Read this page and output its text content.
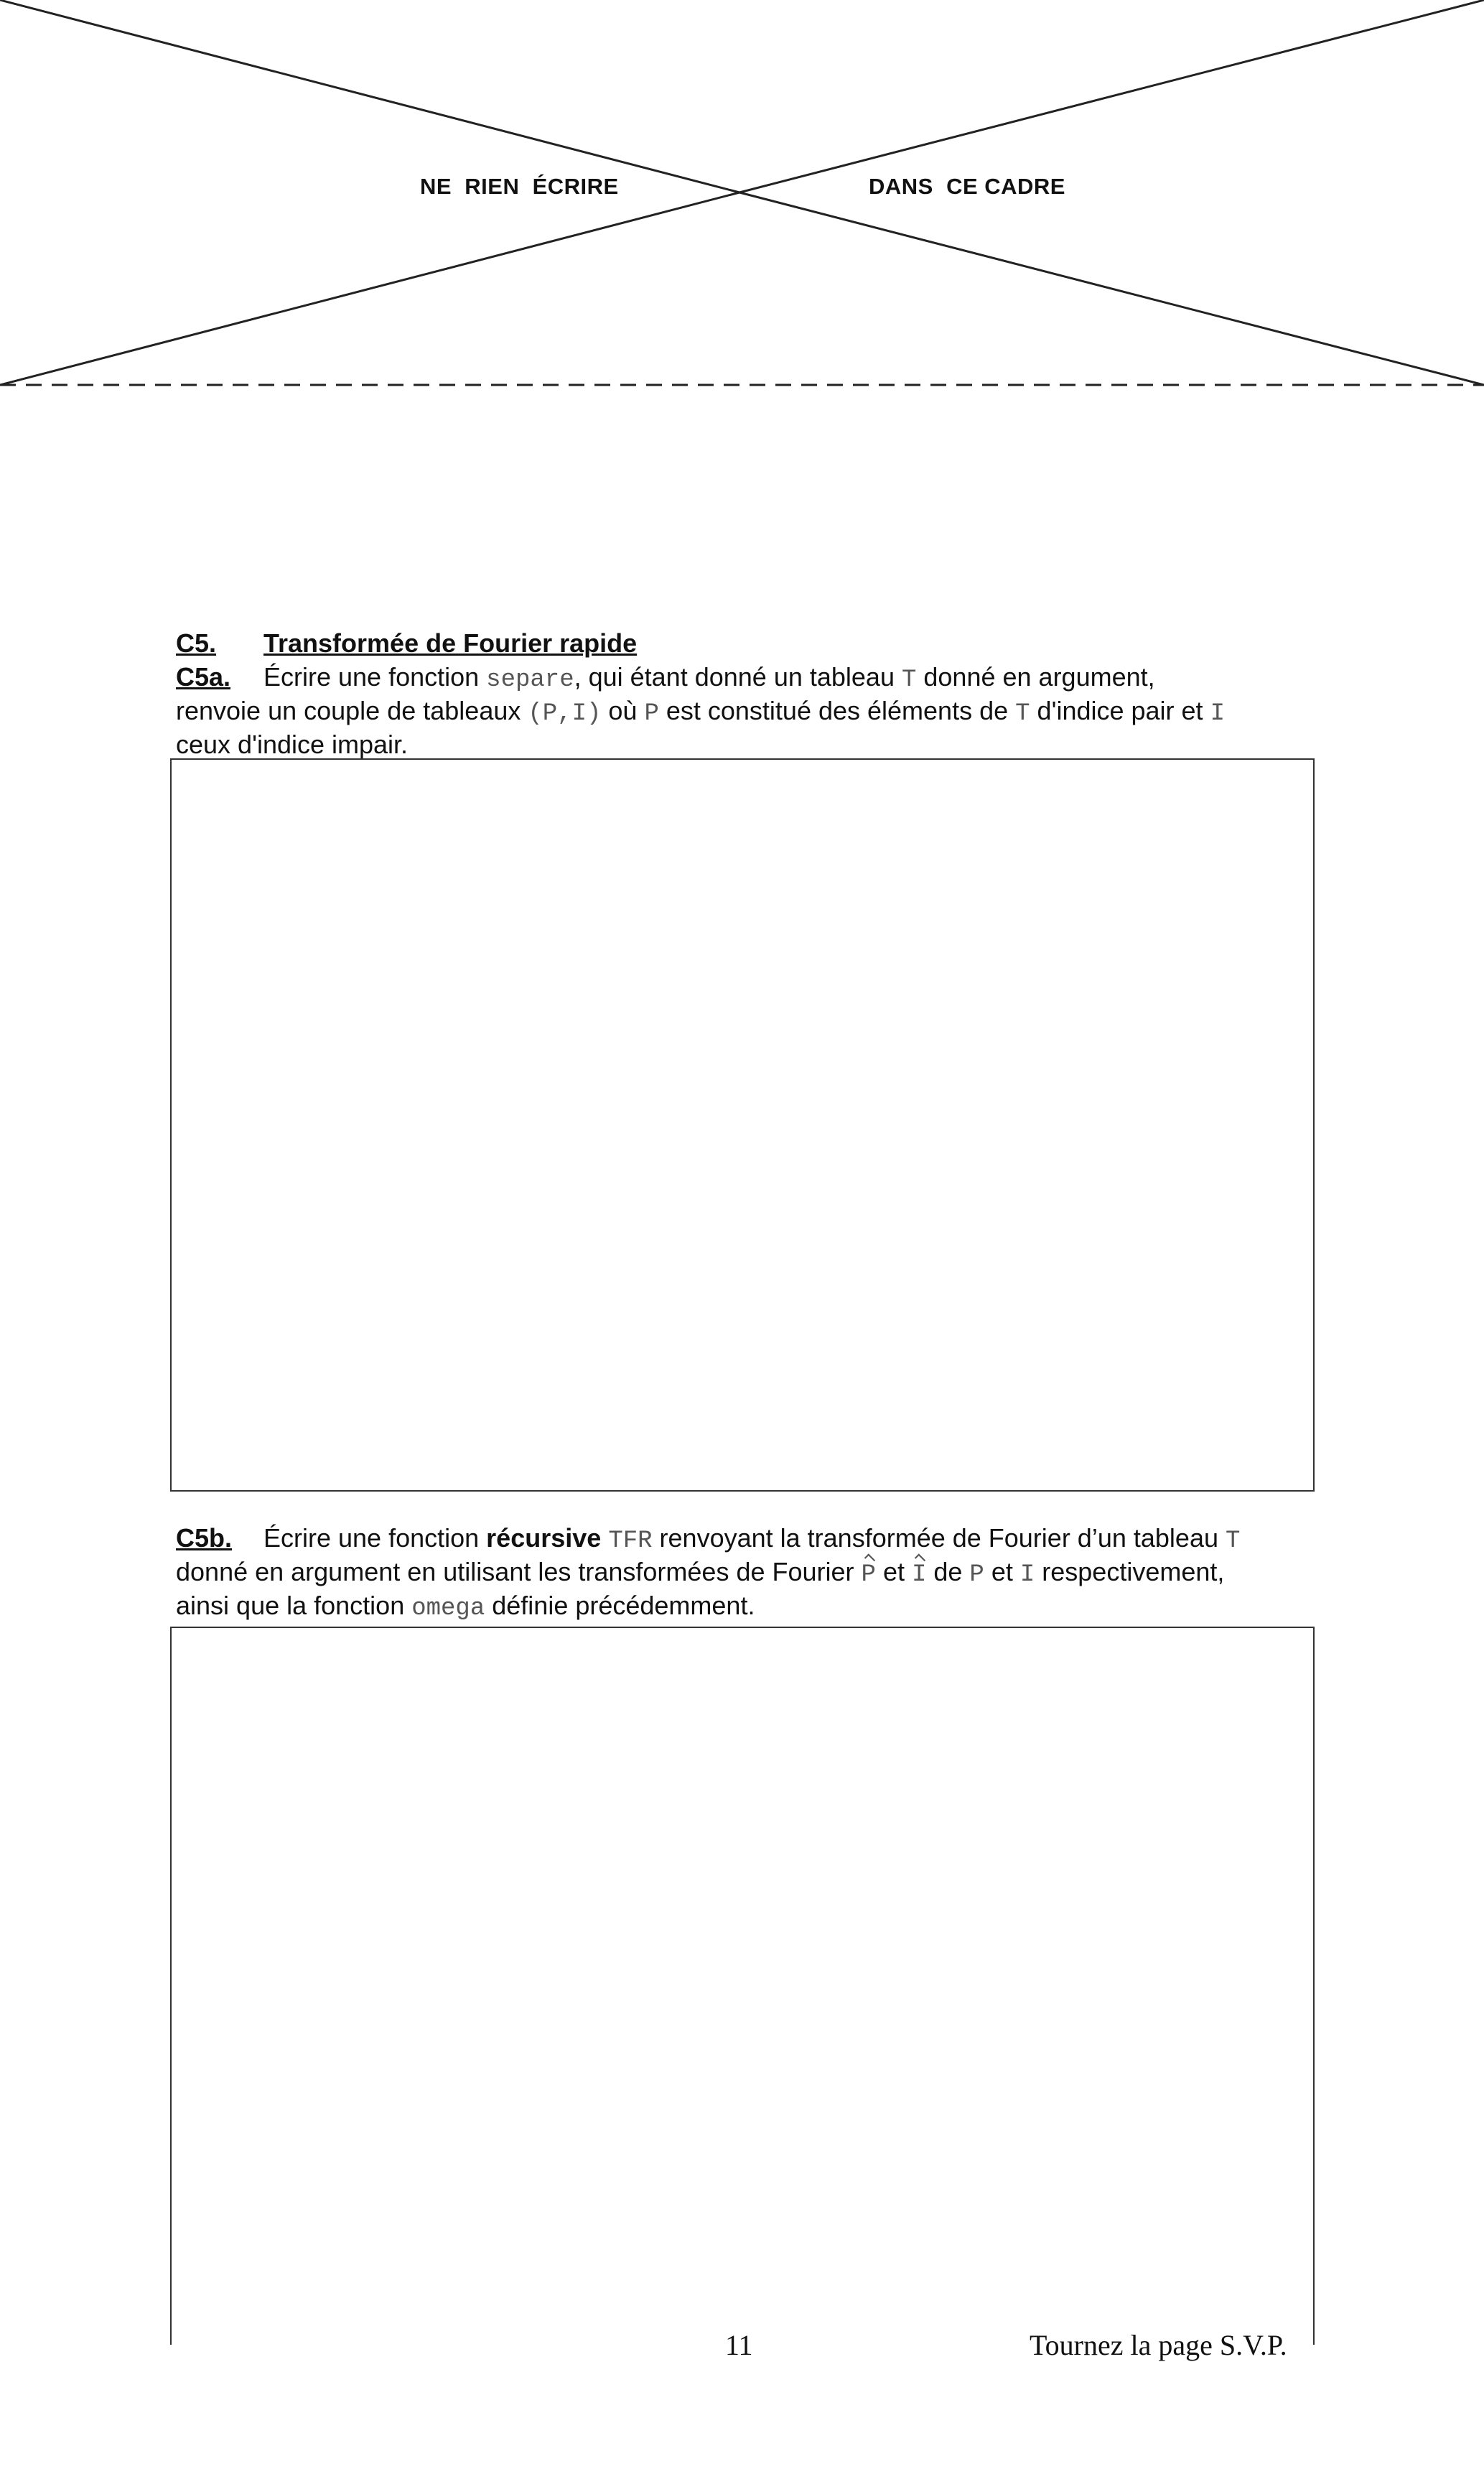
NE  RIEN  ÉCRIRE	DANS  CE CADRE
C5. Transformée de Fourier rapide
C5a. Écrire une fonction separe, qui étant donné un tableau T donné en argument,
renvoie un couple de tableaux (P,I) où P est constitué des éléments de T d'indice pair et I
ceux d'indice impair.
C5b. Écrire une fonction récursive TFR renvoyant la transformée de Fourier d’un tableau T
donné en argument en utilisant les transformées de Fourier P et I de P et I respectivement,
ainsi que la fonction omega définie précédemment.
11	Tournez la page S.V.P.
